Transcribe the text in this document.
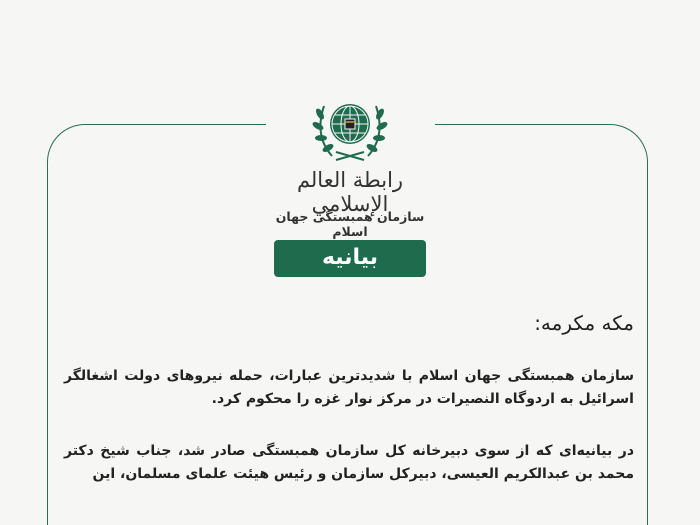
رابطة العالم الإسلامي
سازمان همبستگی جهان اسلام
بیانیه
مکه مکرمه:
سازمان همبستگی جهان اسلام با شدیدترین عبارات، حمله نیروهای دولت اشغالگر اسرائیل به اردوگاه النصیرات در مرکز نوار غزه را محکوم کرد.
در بیانیه‌ای که از سوی دبیرخانه کل سازمان همبستگی صادر شد، جناب شیخ دکتر محمد بن عبدالکریم العیسی، دبیرکل سازمان و رئیس هیئت علمای مسلمان، این
